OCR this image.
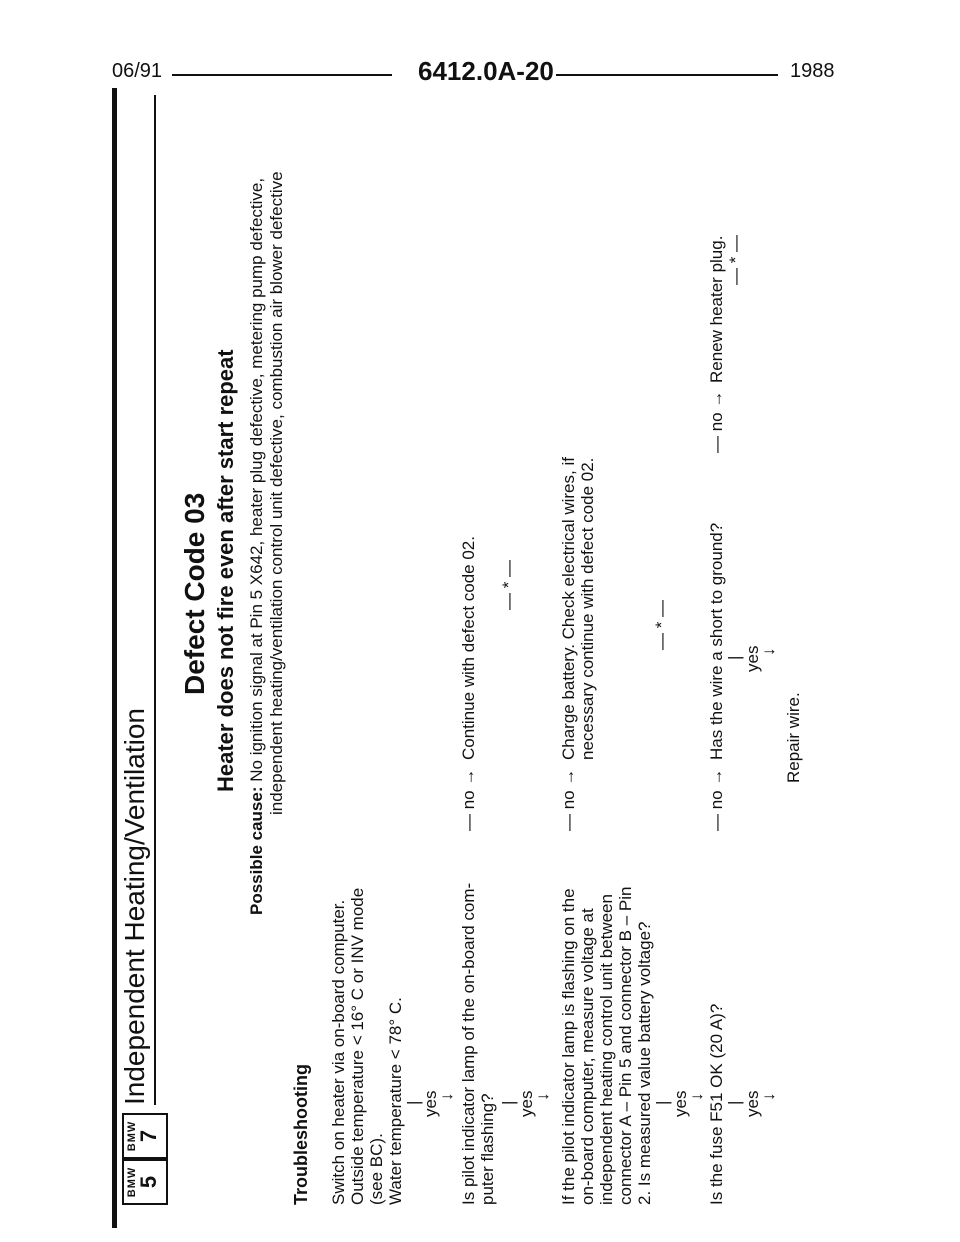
06/91	6412.0A-20	1988
BMW
5
BMW
7
Independent Heating/Ventilation
Defect Code 03 Heater does not fire even after start repeat
Possible cause: No ignition signal at Pin 5 X642, heater plug defective, metering pump defective, independent heating/ventilation control unit defective, combustion air blower defective
Troubleshooting Switch on heater via on-board computer. Outside temperature < 16° C or INV mode (see BC). Water temperature < 78° C. |
yes
↓ Is pilot indicator lamp of the on-board com- puter flashing?
— no →
Continue with defect code 02.
| yes
↓
— * —
If the pilot indicator lamp is flashing on the on-board computer, measure voltage at independent heating control unit between connector A – Pin 5 and connector B – Pin 2. Is measured value battery voltage?
— no →
Charge battery. Check electrical wires, if necessary continue with defect code 02.
| yes
↓
— * —
Is the fuse F51 OK (20 A)? | yes
↓
— no →
Has the wire a short to ground? | yes
↓
Repair wire.
— no →
Renew heater plug. — * —
